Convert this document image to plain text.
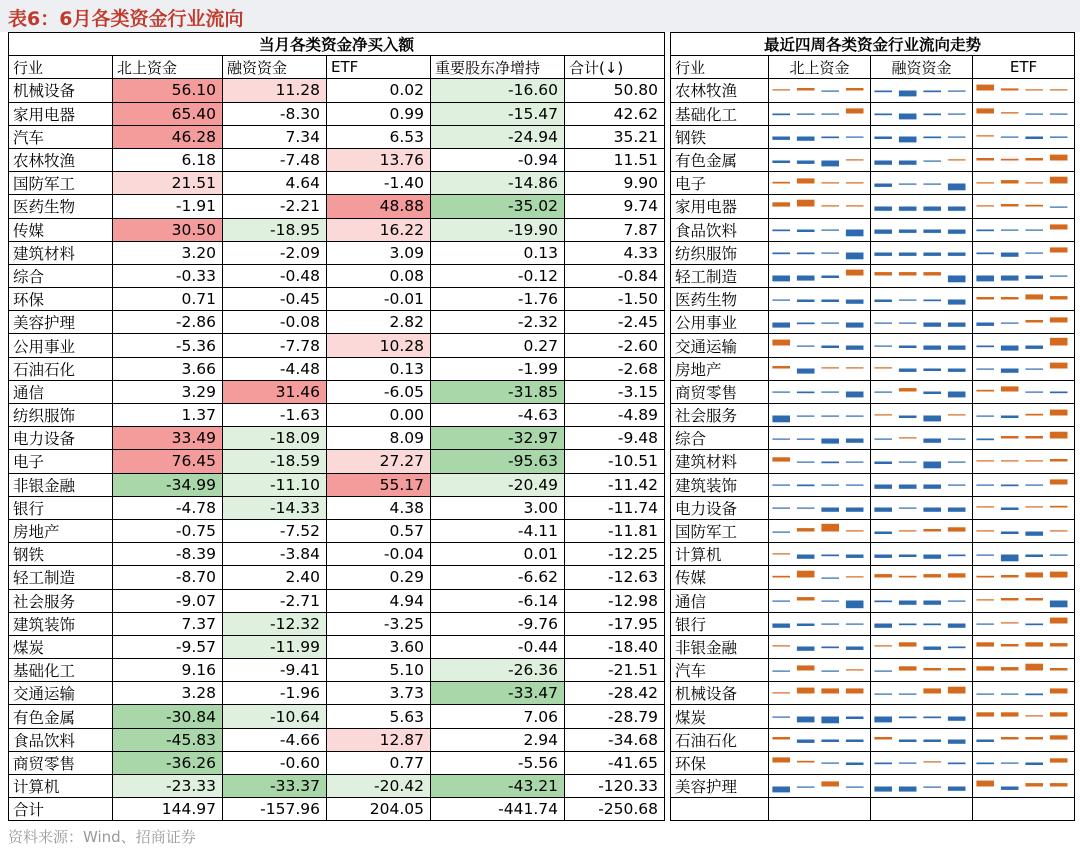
表6：6月各类资金行业流向
当月各类资金净买入额					
行业	北上资金	融资资金	ETF	重要股东净增持	合计(↓)
机械设备	56.10	11.28	0.02	-16.60	50.80
家用电器	65.40	-8.30	0.99	-15.47	42.62
汽车	46.28	7.34	6.53	-24.94	35.21
农林牧渔	6.18	-7.48	13.76	-0.94	11.51
国防军工	21.51	4.64	-1.40	-14.86	9.90
医药生物	-1.91	-2.21	48.88	-35.02	9.74
传媒	30.50	-18.95	16.22	-19.90	7.87
建筑材料	3.20	-2.09	3.09	0.13	4.33
综合	-0.33	-0.48	0.08	-0.12	-0.84
环保	0.71	-0.45	-0.01	-1.76	-1.50
美容护理	-2.86	-0.08	2.82	-2.32	-2.45
公用事业	-5.36	-7.78	10.28	0.27	-2.60
石油石化	3.66	-4.48	0.13	-1.99	-2.68
通信	3.29	31.46	-6.05	-31.85	-3.15
纺织服饰	1.37	-1.63	0.00	-4.63	-4.89
电力设备	33.49	-18.09	8.09	-32.97	-9.48
电子	76.45	-18.59	27.27	-95.63	-10.51
非银金融	-34.99	-11.10	55.17	-20.49	-11.42
银行	-4.78	-14.33	4.38	3.00	-11.74
房地产	-0.75	-7.52	0.57	-4.11	-11.81
钢铁	-8.39	-3.84	-0.04	0.01	-12.25
轻工制造	-8.70	2.40	0.29	-6.62	-12.63
社会服务	-9.07	-2.71	4.94	-6.14	-12.98
建筑装饰	7.37	-12.32	-3.25	-9.76	-17.95
煤炭	-9.57	-11.99	3.60	-0.44	-18.40
基础化工	9.16	-9.41	5.10	-26.36	-21.51
交通运输	3.28	-1.96	3.73	-33.47	-28.42
有色金属	-30.84	-10.64	5.63	7.06	-28.79
食品饮料	-45.83	-4.66	12.87	2.94	-34.68
商贸零售	-36.26	-0.60	0.77	-5.56	-41.65
计算机	-23.33	-33.37	-20.42	-43.21	-120.33
合计	144.97	-157.96	204.05	-441.74	-250.68
最近四周各类资金行业流向走势			
行业	北上资金	融资资金	ETF
农林牧渔	

基础化工	

钢铁	

有色金属	

电子	

家用电器	

食品饮料	

纺织服饰	

轻工制造	

医药生物	

公用事业	

交通运输	

房地产	

商贸零售	

社会服务	

综合	

建筑材料	

建筑装饰	

电力设备	

国防军工	

计算机	

传媒	

通信	

银行	

非银金融	

汽车	

机械设备	

煤炭	

石油石化	

环保	

美容护理	

资料来源：Wind、招商证券
